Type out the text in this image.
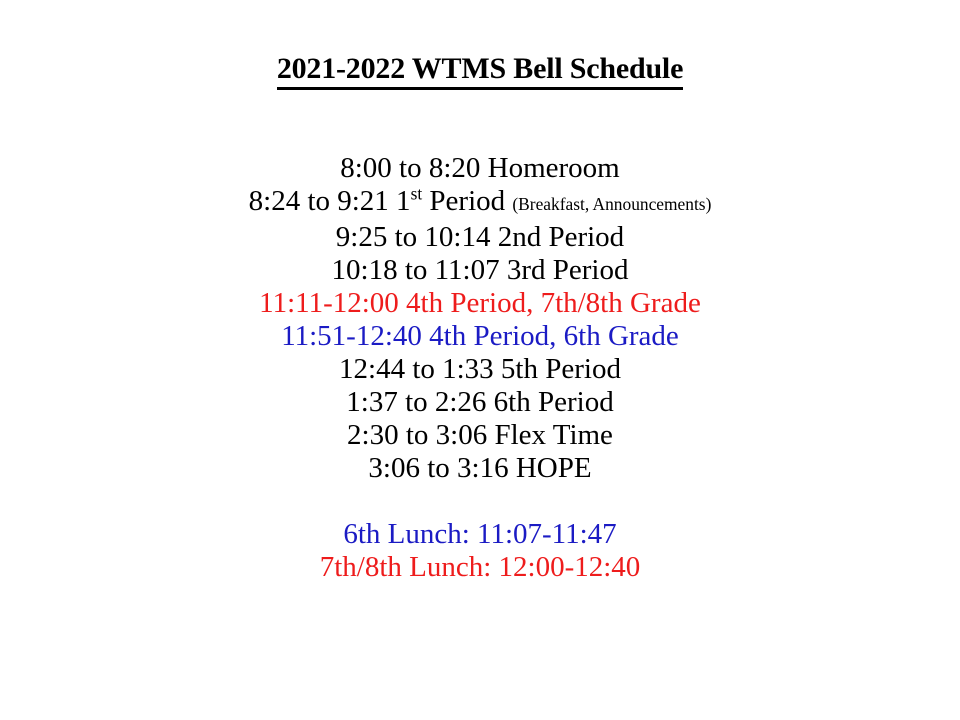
2021-2022 WTMS Bell Schedule
8:00 to 8:20 Homeroom
8:24 to 9:21 1st Period (Breakfast, Announcements)
9:25 to 10:14 2nd Period
10:18 to 11:07 3rd Period
11:11-12:00 4th Period, 7th/8th Grade
11:51-12:40 4th Period, 6th Grade
12:44 to 1:33 5th Period
1:37 to 2:26 6th Period
2:30 to 3:06 Flex Time
3:06 to 3:16 HOPE

6th Lunch: 11:07-11:47
7th/8th Lunch: 12:00-12:40
